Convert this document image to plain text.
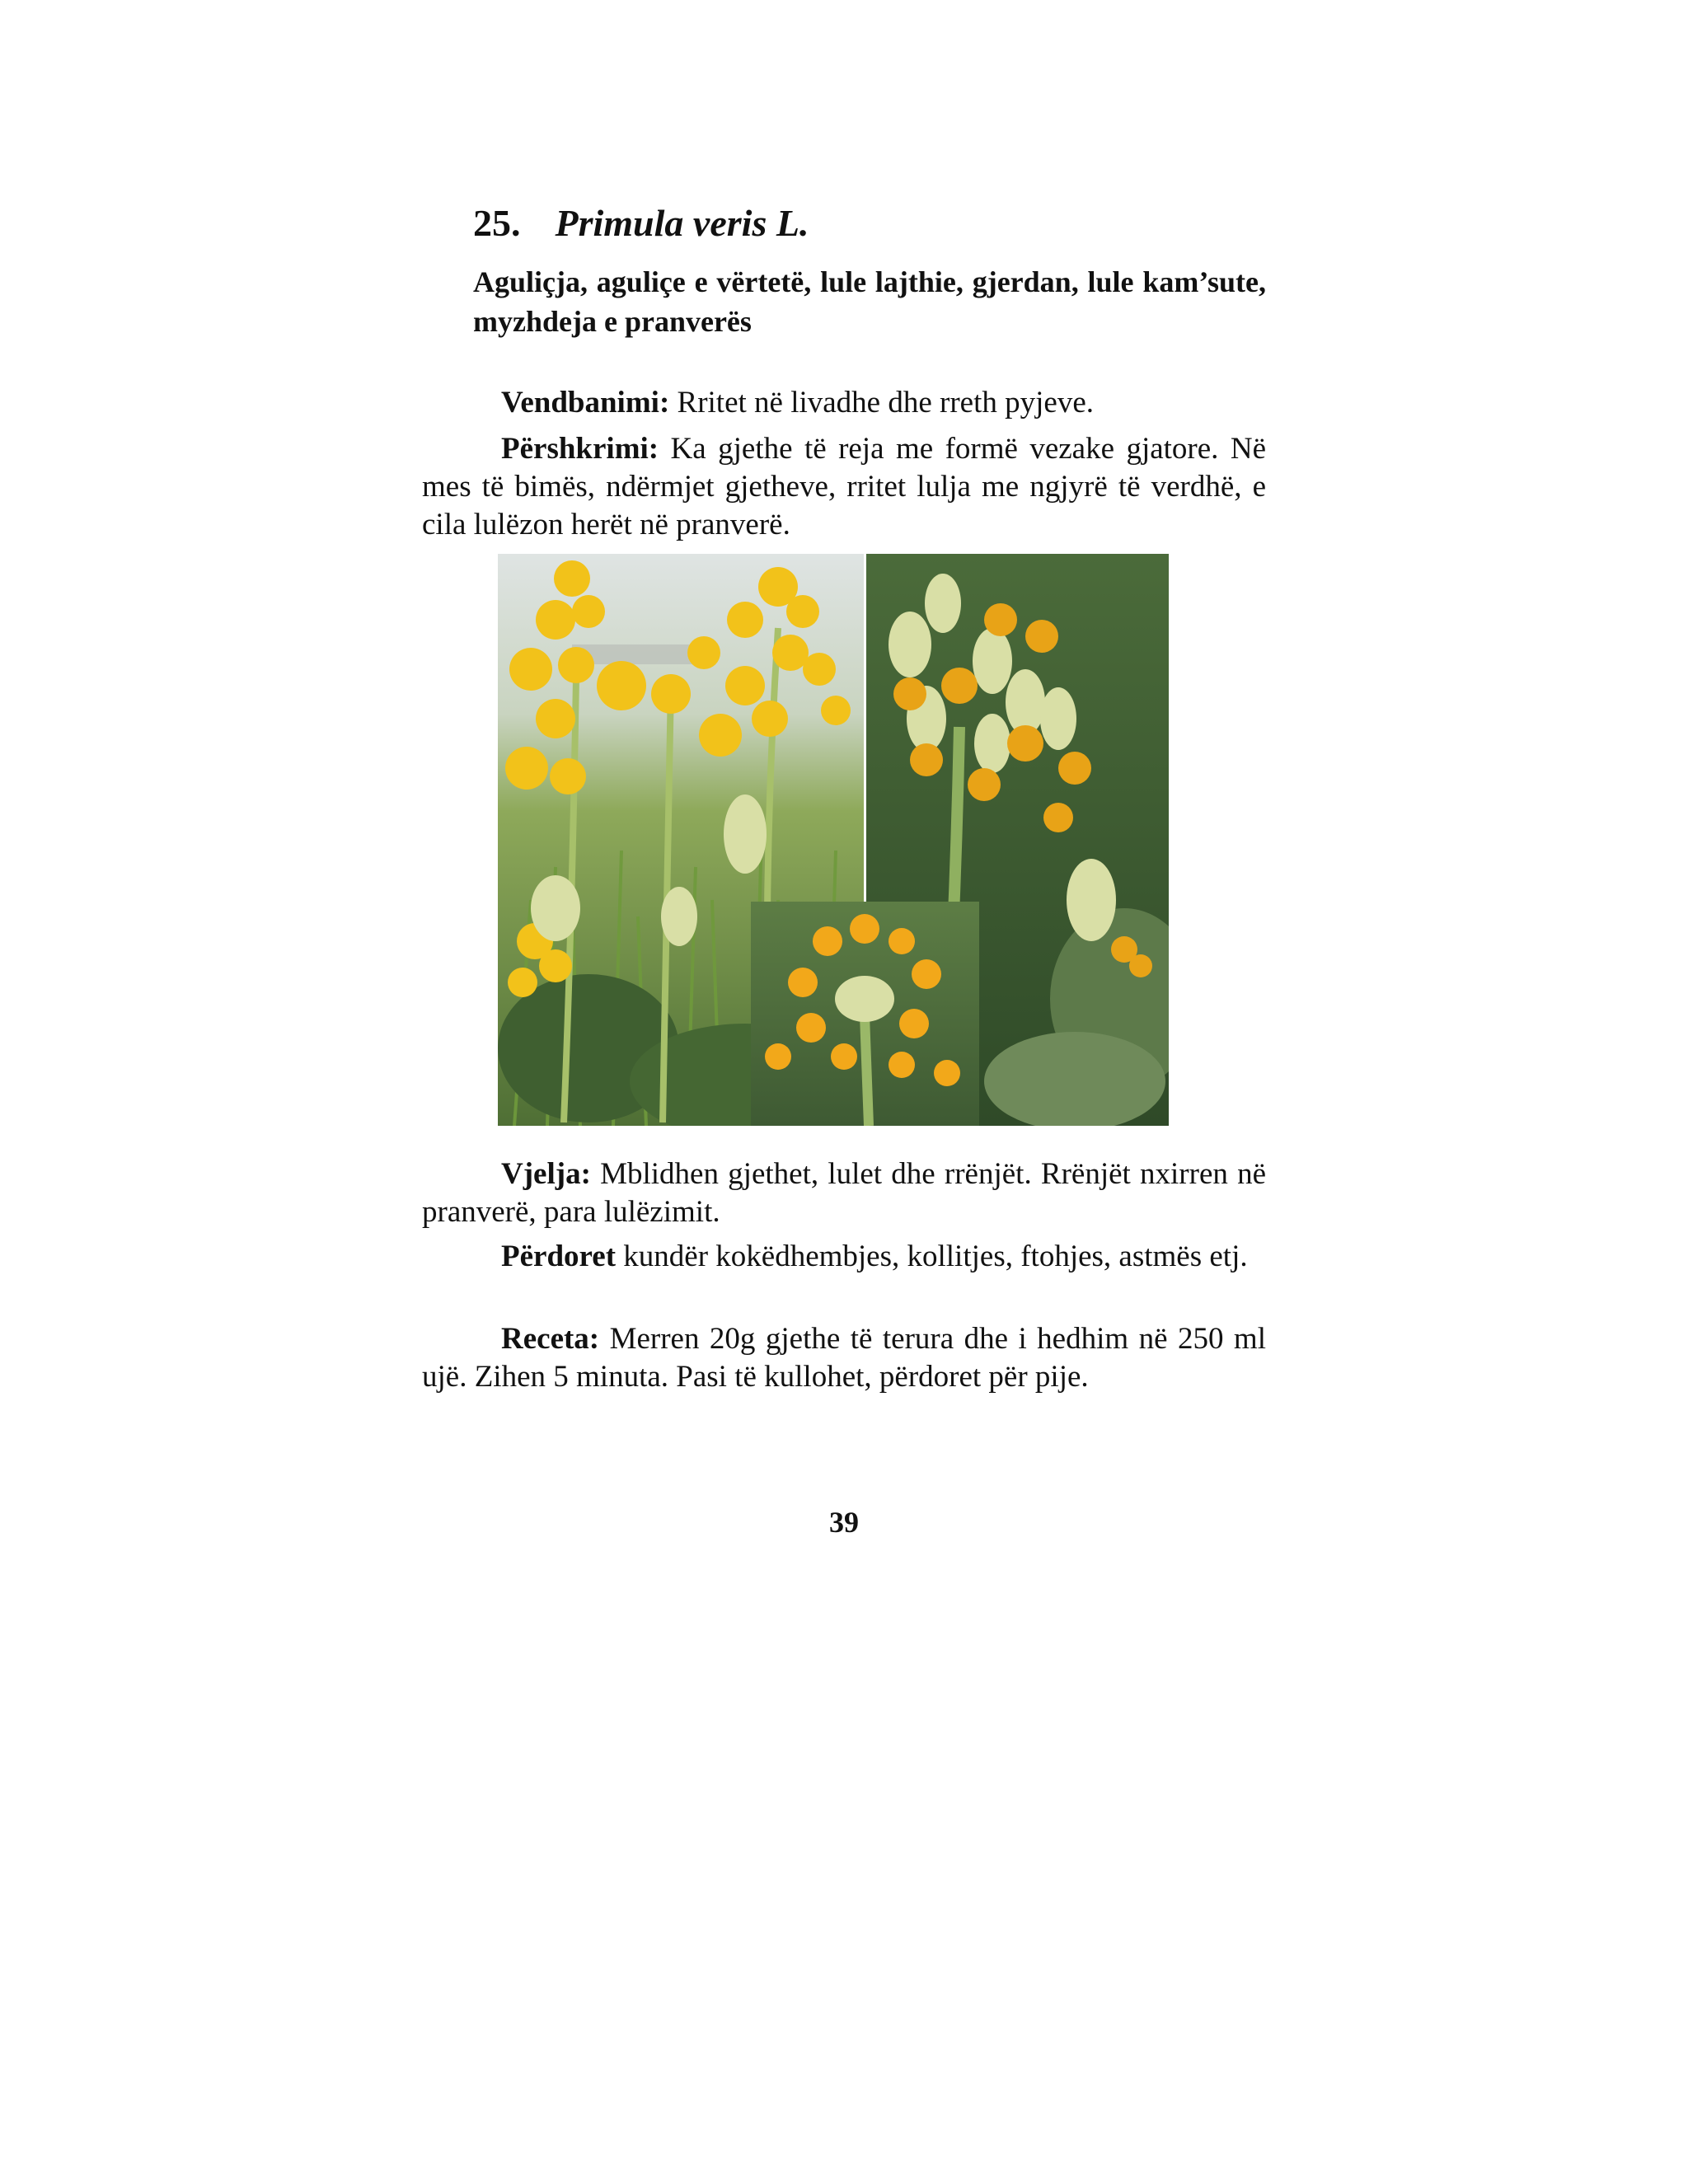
25. Primula veris L.
Aguliçja, aguliçe e vërtetë, lule lajthie, gjerdan, lule kam’sute, myzhdeja e pranverës

Vendbanimi: Rritet në livadhe dhe rreth pyjeve.

Përshkrimi: Ka gjethe të reja me formë vezake gjatore. Në mes të bimës, ndërmjet gjetheve, rritet lulja me ngjyrë të verdhë, e cila lulëzon herët në pranverë.

Vjelja: Mblidhen gjethet, lulet dhe rrënjët. Rrënjët nxirren në pranverë, para lulëzimit.

Përdoret kundër kokëdhembjes, kollitjes, ftohjes, astmës etj.

Receta: Merren 20g gjethe të terura dhe i hedhim në 250 ml ujë. Zihen 5 minuta. Pasi të kullohet, përdoret për pije.

39
